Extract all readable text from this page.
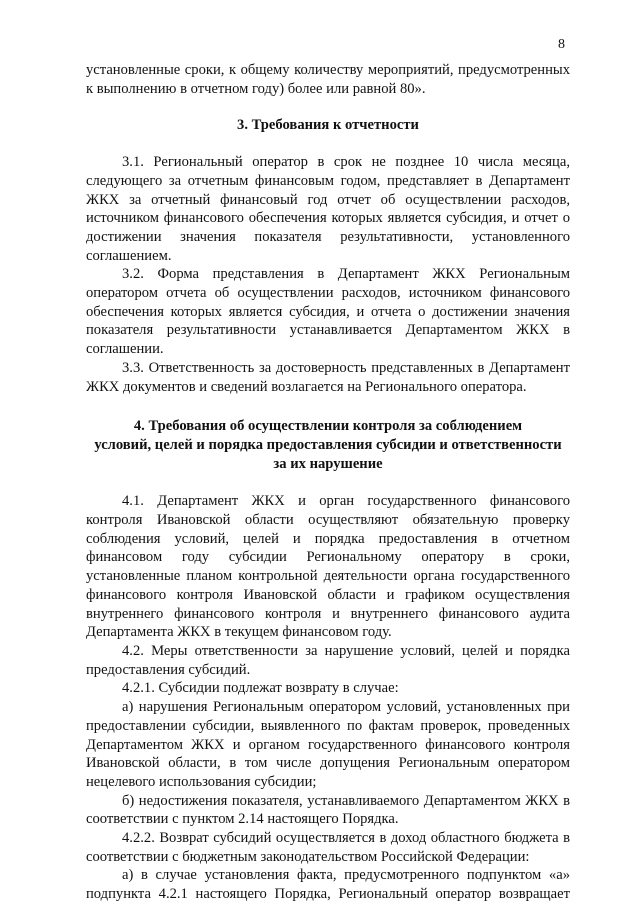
8

установленные сроки, к общему количеству мероприятий, предусмотренных к выполнению в отчетном году) более или равной 80».

3. Требования к отчетности

3.1. Региональный оператор в срок не позднее 10 числа месяца, следующего за отчетным финансовым годом, представляет в Департамент ЖКХ за отчетный финансовый год отчет об осуществлении расходов, источником финансового обеспечения которых является субсидия, и отчет о достижении значения показателя результативности, установленного соглашением.

3.2. Форма представления в Департамент ЖКХ Региональным оператором отчета об осуществлении расходов, источником финансового обеспечения которых является субсидия, и отчета о достижении значения показателя результативности устанавливается Департаментом ЖКХ в соглашении.

3.3. Ответственность за достоверность представленных в Департамент ЖКХ документов и сведений возлагается на Регионального оператора.

4. Требования об осуществлении контроля за соблюдением
условий, целей и порядка предоставления субсидии и ответственности
за их нарушение

4.1. Департамент ЖКХ и орган государственного финансового контроля Ивановской области осуществляют обязательную проверку соблюдения условий, целей и порядка предоставления в отчетном финансовом году субсидии Региональному оператору в сроки, установленные планом контрольной деятельности органа государственного финансового контроля Ивановской области и графиком осуществления внутреннего финансового контроля и внутреннего финансового аудита Департамента ЖКХ в текущем финансовом году.

4.2. Меры ответственности за нарушение условий, целей и порядка предоставления субсидий.

4.2.1. Субсидии подлежат возврату в случае:

а) нарушения Региональным оператором условий, установленных при предоставлении субсидии, выявленного по фактам проверок, проведенных Департаментом ЖКХ и органом государственного финансового контроля Ивановской области, в том числе допущения Региональным оператором нецелевого использования субсидии;

б) недостижения показателя, устанавливаемого Департаментом ЖКХ в соответствии с пунктом 2.14 настоящего Порядка.

4.2.2. Возврат субсидий осуществляется в доход областного бюджета в соответствии с бюджетным законодательством Российской Федерации:

а) в случае установления факта, предусмотренного подпунктом «а» подпункта 4.2.1 настоящего Порядка, Региональный оператор возвращает
